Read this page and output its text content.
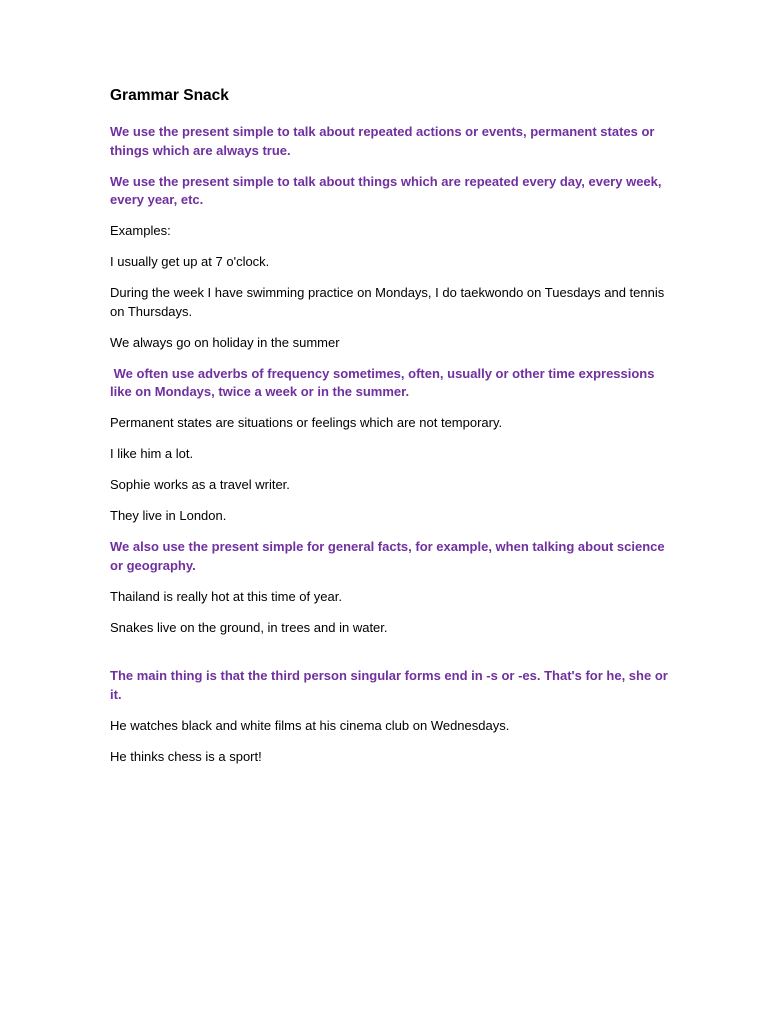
Grammar Snack

We use the present simple to talk about repeated actions or events, permanent states or things which are always true.

We use the present simple to talk about things which are repeated every day, every week, every year, etc.

Examples:

I usually get up at 7 o'clock.

During the week I have swimming practice on Mondays, I do taekwondo on Tuesdays and tennis on Thursdays.

We always go on holiday in the summer

We often use adverbs of frequency sometimes, often, usually or other time expressions like on Mondays, twice a week or in the summer.

Permanent states are situations or feelings which are not temporary.

I like him a lot.

Sophie works as a travel writer.

They live in London.

We also use the present simple for general facts, for example, when talking about science or geography.

Thailand is really hot at this time of year.

Snakes live on the ground, in trees and in water.

The main thing is that the third person singular forms end in -s or -es. That's for he, she or it.

He watches black and white films at his cinema club on Wednesdays.

He thinks chess is a sport!
